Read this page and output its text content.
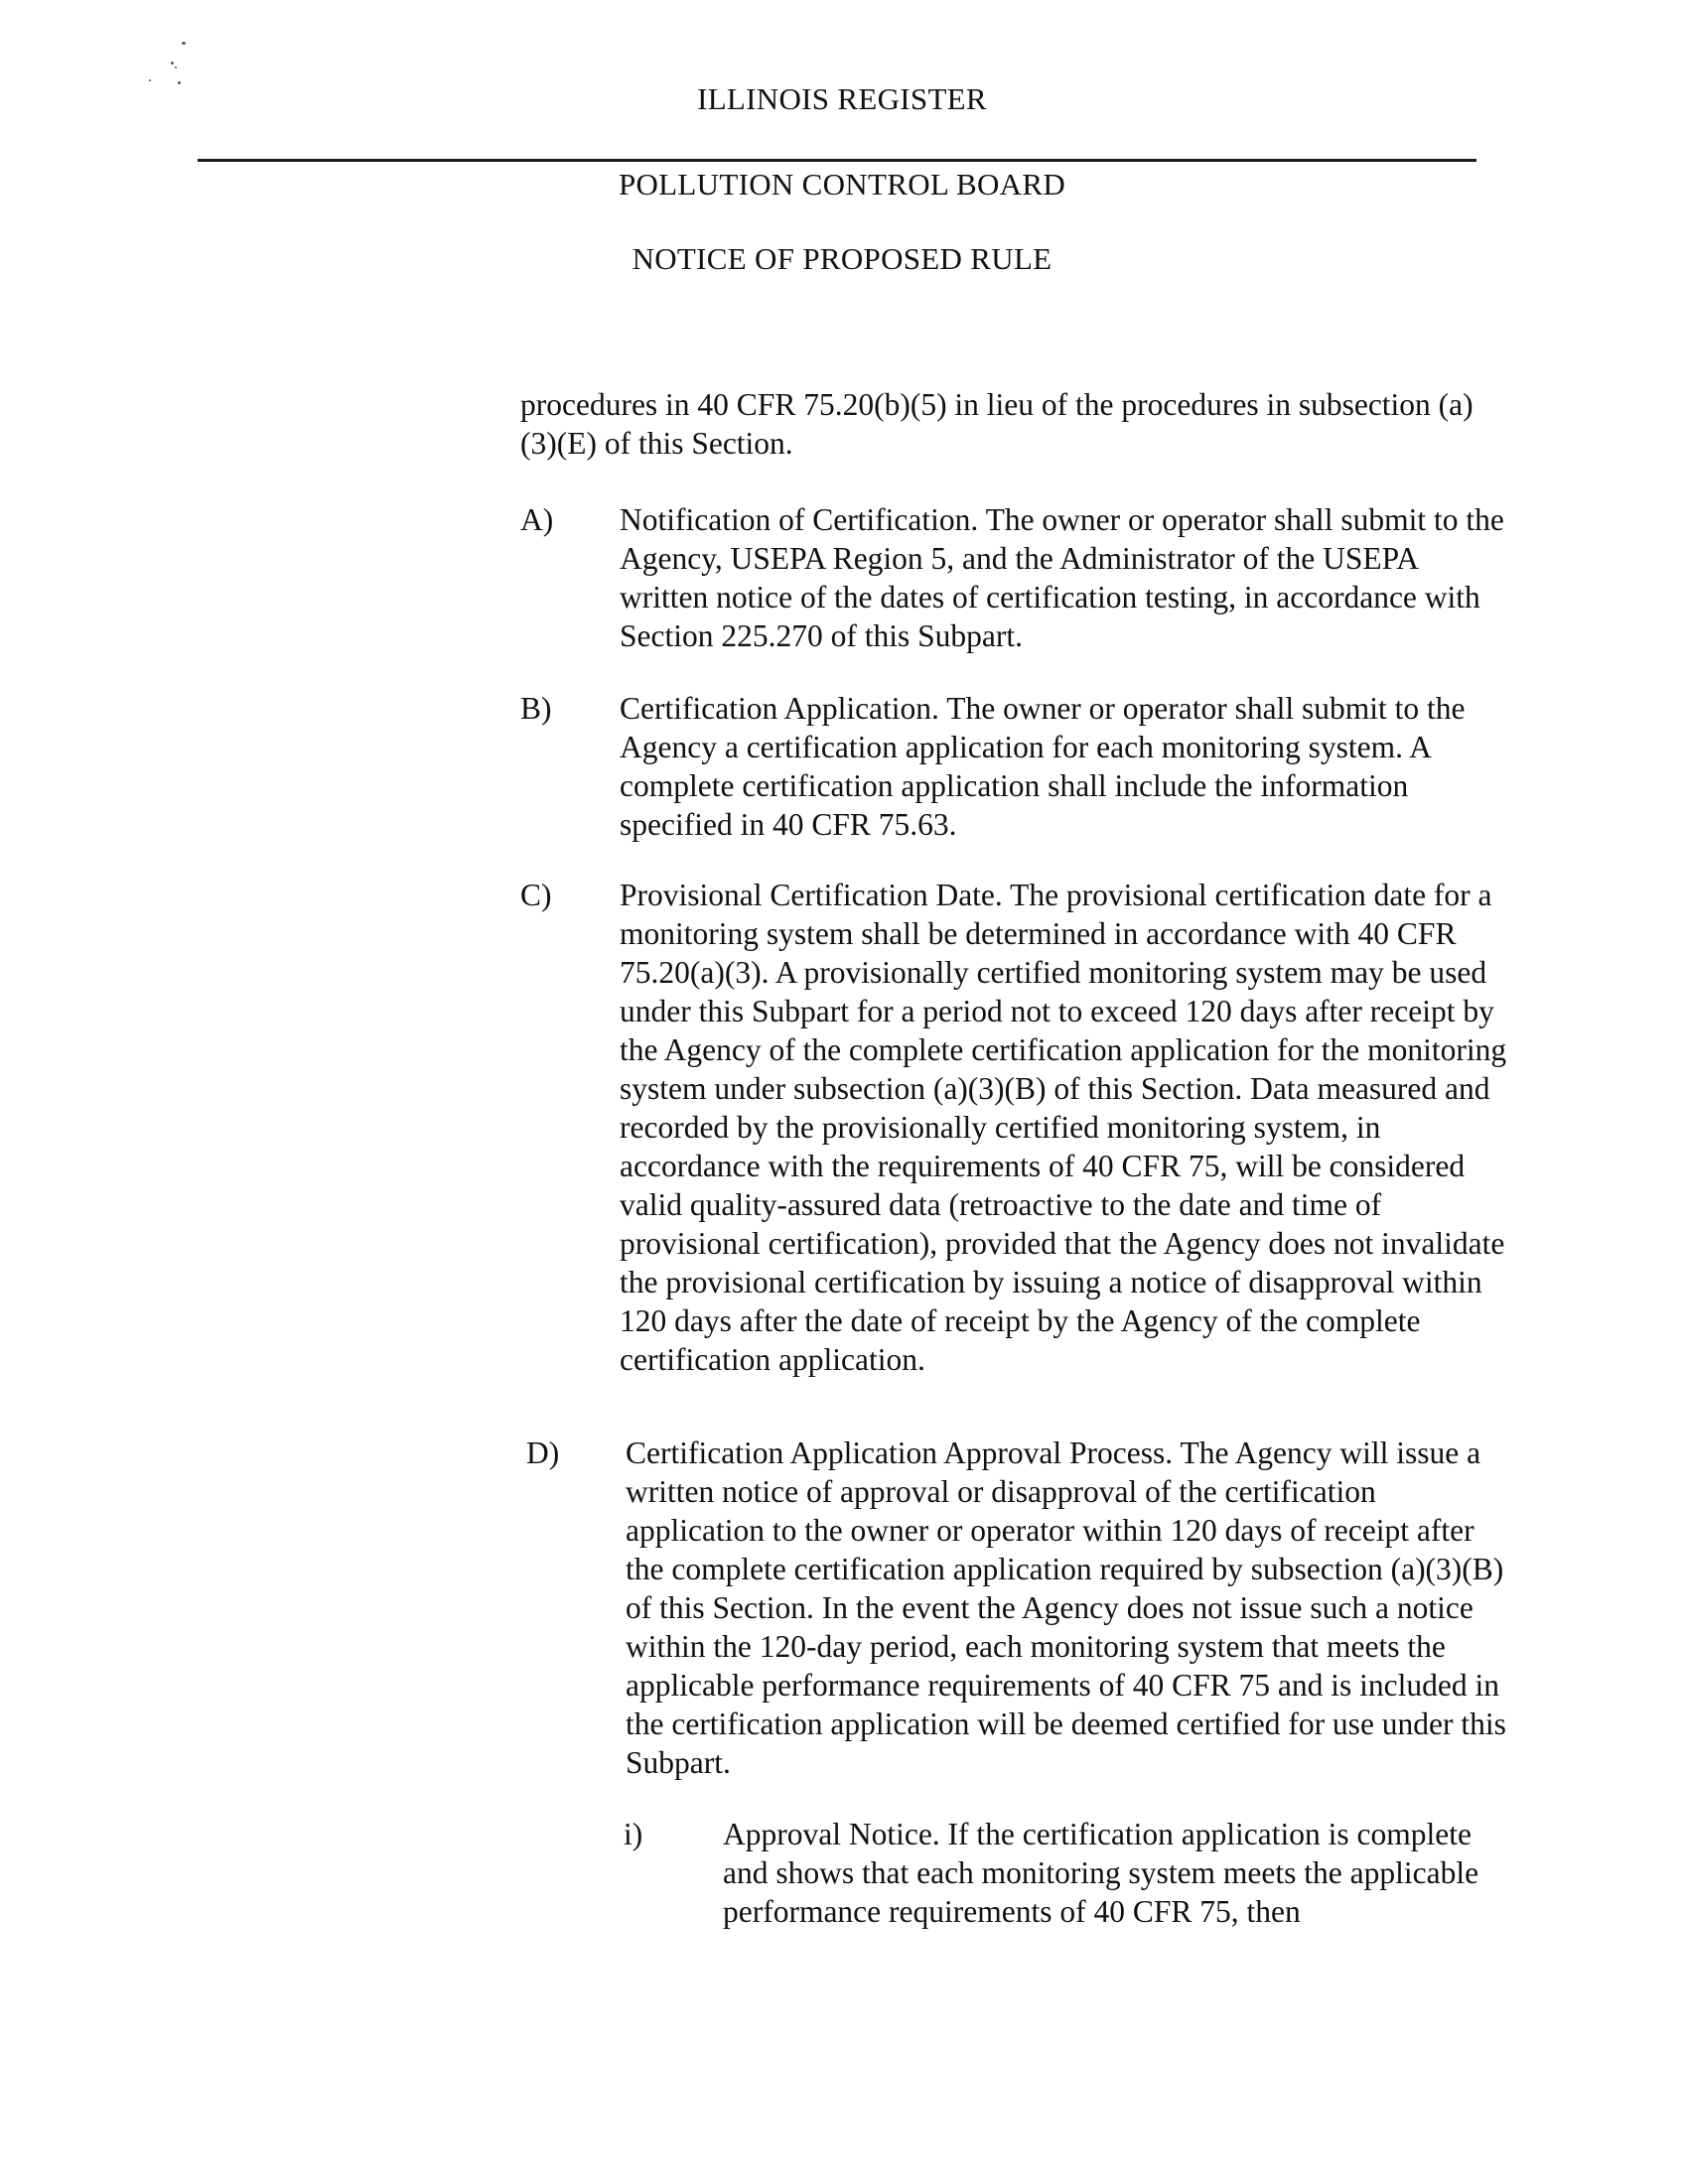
ILLINOIS REGISTER
POLLUTION CONTROL BOARD
NOTICE OF PROPOSED RULE
procedures in 40 CFR 75.20(b)(5) in lieu of the procedures in subsection (a)(3)(E) of this Section.
A) Notification of Certification. The owner or operator shall submit to the Agency, USEPA Region 5, and the Administrator of the USEPA written notice of the dates of certification testing, in accordance with Section 225.270 of this Subpart.
B) Certification Application. The owner or operator shall submit to the Agency a certification application for each monitoring system. A complete certification application shall include the information specified in 40 CFR 75.63.
C) Provisional Certification Date. The provisional certification date for a monitoring system shall be determined in accordance with 40 CFR 75.20(a)(3). A provisionally certified monitoring system may be used under this Subpart for a period not to exceed 120 days after receipt by the Agency of the complete certification application for the monitoring system under subsection (a)(3)(B) of this Section. Data measured and recorded by the provisionally certified monitoring system, in accordance with the requirements of 40 CFR 75, will be considered valid quality-assured data (retroactive to the date and time of provisional certification), provided that the Agency does not invalidate the provisional certification by issuing a notice of disapproval within 120 days after the date of receipt by the Agency of the complete certification application.
D) Certification Application Approval Process. The Agency will issue a written notice of approval or disapproval of the certification application to the owner or operator within 120 days of receipt after the complete certification application required by subsection (a)(3)(B) of this Section. In the event the Agency does not issue such a notice within the 120-day period, each monitoring system that meets the applicable performance requirements of 40 CFR 75 and is included in the certification application will be deemed certified for use under this Subpart.
i)	Approval Notice. If the certification application is complete and shows that each monitoring system meets the applicable performance requirements of 40 CFR 75, then
